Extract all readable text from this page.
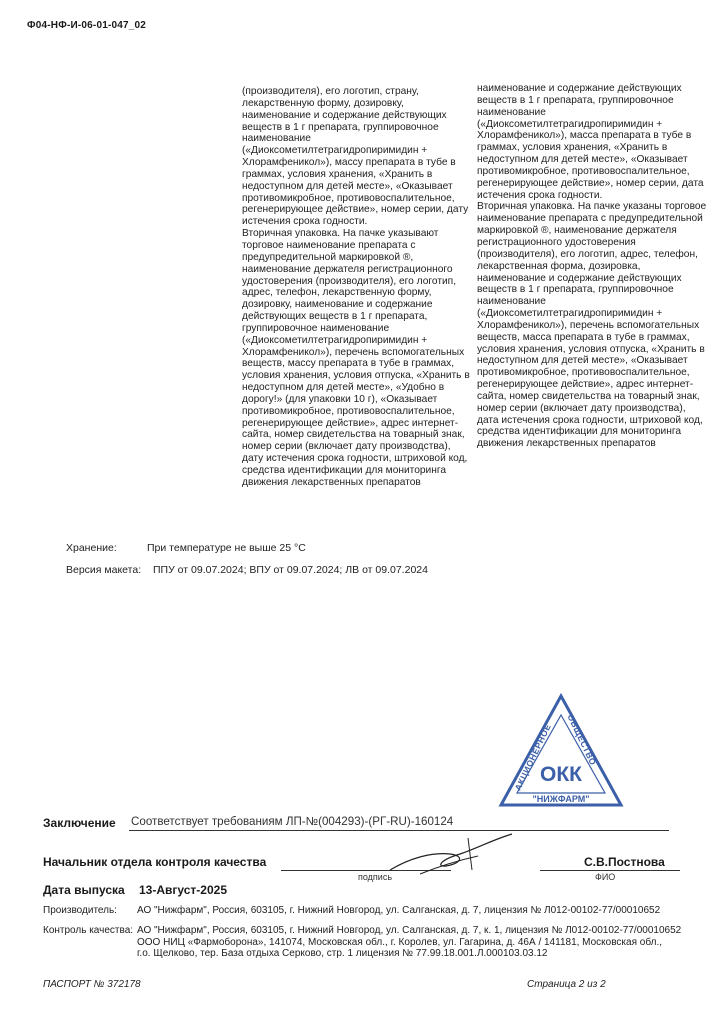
Ф04-НФ-И-06-01-047_02
(производителя), его логотип, страну, лекарственную форму, дозировку, наименование и содержание действующих веществ в 1 г препарата, группировочное наименование («Диоксометилтетрагидропиримидин + Хлорамфеникол»), массу препарата в тубе в граммах, условия хранения, «Хранить в недоступном для детей месте», «Оказывает противомикробное, противовоспалительное, регенерирующее действие», номер серии, дату истечения срока годности.
Вторичная упаковка. На пачке указывают торговое наименование препарата с предупредительной маркировкой ®, наименование держателя регистрационного удостоверения (производителя), его логотип, адрес, телефон, лекарственную форму, дозировку, наименование и содержание действующих веществ в 1 г препарата, группировочное наименование («Диоксометилтетрагидропиримидин + Хлорамфеникол»), перечень вспомогательных веществ, массу препарата в тубе в граммах, условия хранения, условия отпуска, «Хранить в недоступном для детей месте», «Удобно в дорогу!» (для упаковки 10 г), «Оказывает противомикробное, противовоспалительное, регенерирующее действие», адрес интернет-сайта, номер свидетельства на товарный знак, номер серии (включает дату производства), дату истечения срока годности, штриховой код, средства идентификации для мониторинга движения лекарственных препаратов
наименование и содержание действующих веществ в 1 г препарата, группировочное наименование («Диоксометилтетрагидропиримидин + Хлорамфеникол»), масса препарата в тубе в граммах, условия хранения, «Хранить в недоступном для детей месте», «Оказывает противомикробное, противовоспалительное, регенерирующее действие», номер серии, дата истечения срока годности.
Вторичная упаковка. На пачке указаны торговое наименование препарата с предупредительной маркировкой ®, наименование держателя регистрационного удостоверения (производителя), его логотип, адрес, телефон, лекарственная форма, дозировка, наименование и содержание действующих веществ в 1 г препарата, группировочное наименование («Диоксометилтетрагидропиримидин + Хлорамфеникол»), перечень вспомогательных веществ, масса препарата в тубе в граммах, условия хранения, условия отпуска, «Хранить в недоступном для детей месте», «Оказывает противомикробное, противовоспалительное, регенерирующее действие», адрес интернет-сайта, номер свидетельства на товарный знак, номер серии (включает дату производства), дата истечения срока годности, штриховой код, средства идентификации для мониторинга движения лекарственных препаратов
Хранение:	При температуре не выше 25 °С
Версия макета: ППУ от 09.07.2024; ВПУ от 09.07.2024; ЛВ от 09.07.2024
АКЦИОНЕРНОЕ
ОБЩЕСТВО
ОКК
"НИЖФАРМ"
Заключение Соответствует требованиям ЛП-№(004293)-(РГ-RU)-160124
Начальник отдела контроля качества
подпись
С.В.Постнова
ФИО
Дата выпуска 13-Август-2025
Производитель: АО "Нижфарм", Россия, 603105, г. Нижний Новгород, ул. Салганская, д. 7, лицензия № Л012-00102-77/00010652
Контроль качества: АО "Нижфарм", Россия, 603105, г. Нижний Новгород, ул. Салганская, д. 7, к. 1, лицензия № Л012-00102-77/00010652
ООО НИЦ «Фармоборона», 141074, Московская обл., г. Королев, ул. Гагарина, д. 46А / 141181, Московская обл.,
г.о. Щелково, тер. База отдыха Серково, стр. 1 лицензия № 77.99.18.001.Л.000103.03.12
ПАСПОРТ № 372178	Страница 2 из 2
